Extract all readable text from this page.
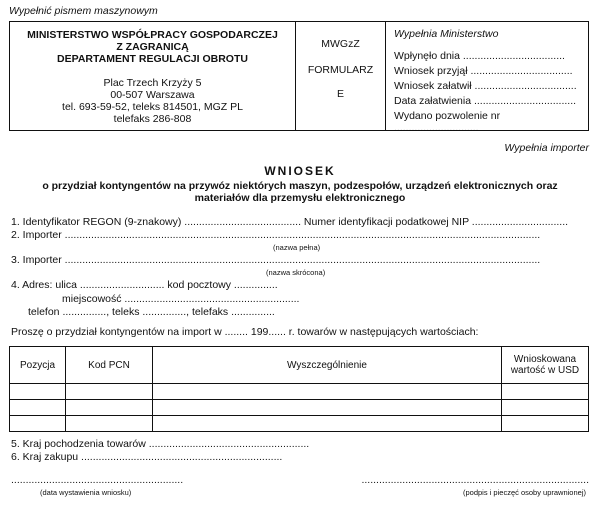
Wypełnić pismem maszynowym
MINISTERSTWO WSPÓŁPRACY GOSPODARCZEJ
Z ZAGRANICĄ
DEPARTAMENT REGULACJI OBROTU
Plac Trzech Krzyży 5
00-507 Warszawa
tel. 693-59-52, teleks 814501, MGZ PL
telefaks 286-808
MWGzZ
FORMULARZ
E
Wypełnia Ministerstwo
Wpłynęło dnia ...................................
Wniosek przyjął ...................................
Wniosek załatwił ...................................
Data załatwienia ...................................
Wydano pozwolenie nr .............................
Wypełnia importer
WNIOSEK
o przydział kontyngentów na przywóz niektórych maszyn, podzespołów, urządzeń elektronicznych oraz
materiałów dla przemysłu elektronicznego
1. Identyfikator REGON (9-znakowy) ........................................ Numer identyfikacji podatkowej NIP .................................
2. Importer ...................................................................................................................................................................
(nazwa pełna)
3. Importer ...................................................................................................................................................................
(nazwa skrócona)
4. Adres: ulica ............................. kod pocztowy ...............
miejscowość ............................................................
telefon ..............., teleks ..............., telefaks ...............
Proszę o przydział kontyngentów na import w ........ 199...... r. towarów w następujących wartościach:
Pozycja	Kod PCN	Wyszczególnienie	Wnioskowana wartość w USD

5. Kraj pochodzenia towarów .......................................................
6. Kraj zakupu .....................................................................
...........................................................
(data wystawienia wniosku)
..............................................................................
(podpis i pieczęć osoby uprawnionej)
